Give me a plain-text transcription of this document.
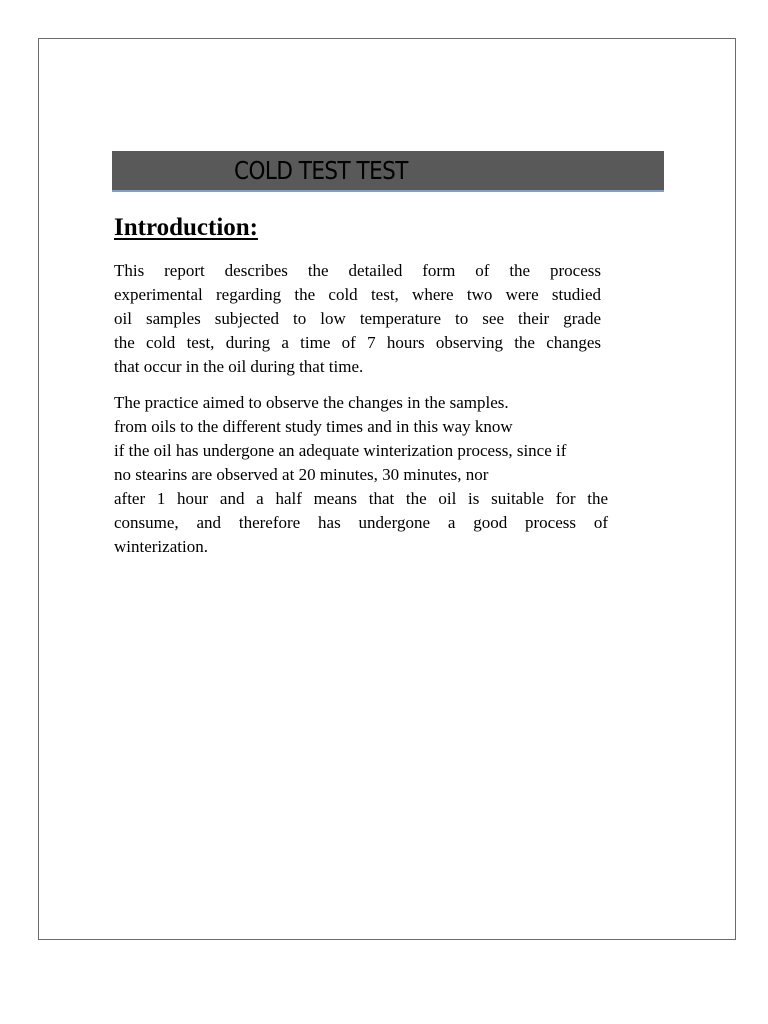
COLD TEST TEST
Introduction:
This report describes the detailed form of the process
experimental regarding the cold test, where two were studied
oil samples subjected to low temperature to see their grade
the cold test, during a time of 7 hours observing the changes
that occur in the oil during that time.
The practice aimed to observe the changes in the samples.
from oils to the different study times and in this way know
if the oil has undergone an adequate winterization process, since if
no stearins are observed at 20 minutes, 30 minutes, nor
after 1 hour and a half means that the oil is suitable for the
consume, and therefore has undergone a good process of
winterization.
